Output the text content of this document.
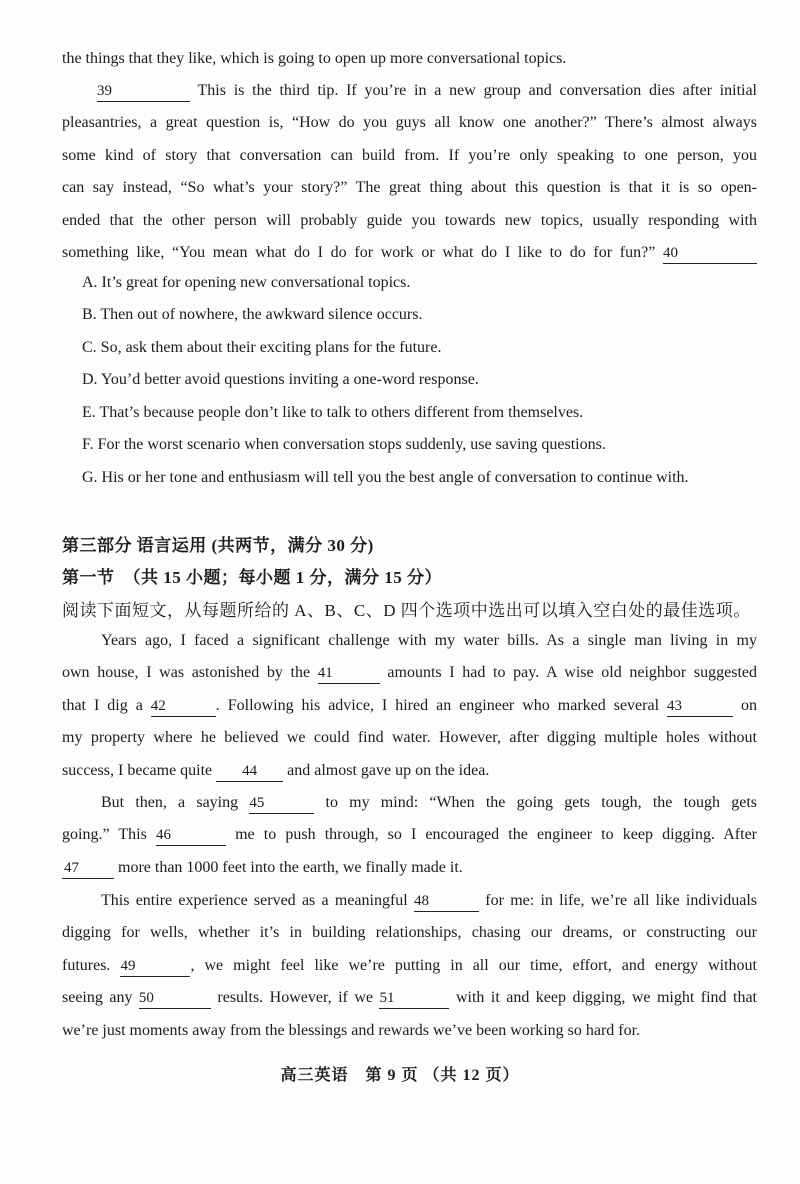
高三英语　第 9 页 （共 12 页）
the things that they like, which is going to open up more conversational topics.
39	This is the third tip. If you’re in a new group and conversation dies after initial
pleasantries, a great question is, “How do you guys all know one another?” There’s almost always
some kind of story that conversation can build from. If you’re only speaking to one person, you
can say instead, “So what’s your story?” The great thing about this question is that it is so open-
ended that the other person will probably guide you towards new topics, usually responding with
something like, “You mean what do I do for work or what do I like to do for fun?” 40
A. It’s great for opening new conversational topics.
B. Then out of nowhere, the awkward silence occurs.
C. So, ask them about their exciting plans for the future.
D. You’d better avoid questions inviting a one-word response.
E. That’s because people don’t like to talk to others different from themselves.
F. For the worst scenario when conversation stops suddenly, use saving questions.
G. His or her tone and enthusiasm will tell you the best angle of conversation to continue with.
第三部分 语言运用 (共两节，满分 30 分)
第一节　（共 15 小题；每小题 1 分，满分 15 分）
阅读下面短文，从每题所给的 A、B、C、D 四个选项中选出可以填入空白处的最佳选项。
Years ago, I faced a significant challenge with my water bills. As a single man living in my
own house, I was astonished by the 41	amounts I had to pay. A wise old neighbor suggested
that I dig a 42	. Following his advice, I hired an engineer who marked several 43	on
my property where he believed we could find water. However, after digging multiple holes without
success, I became quite 44 and almost gave up on the idea.
But then, a saying 45	to my mind: “When the going gets tough, the tough gets
going.” This 46	me to push through, so I encouraged the engineer to keep digging. After
47 more than 1000 feet into the earth, we finally made it.
This entire experience served as a meaningful 48	for me: in life, we’re all like individuals
digging for wells, whether it’s in building relationships, chasing our dreams, or constructing our
futures. 49	, we might feel like we’re putting in all our time, effort, and energy without
seeing any 50	results. However, if we 51	with it and keep digging, we might find that
we’re just moments away from the blessings and rewards we’ve been working so hard for.
